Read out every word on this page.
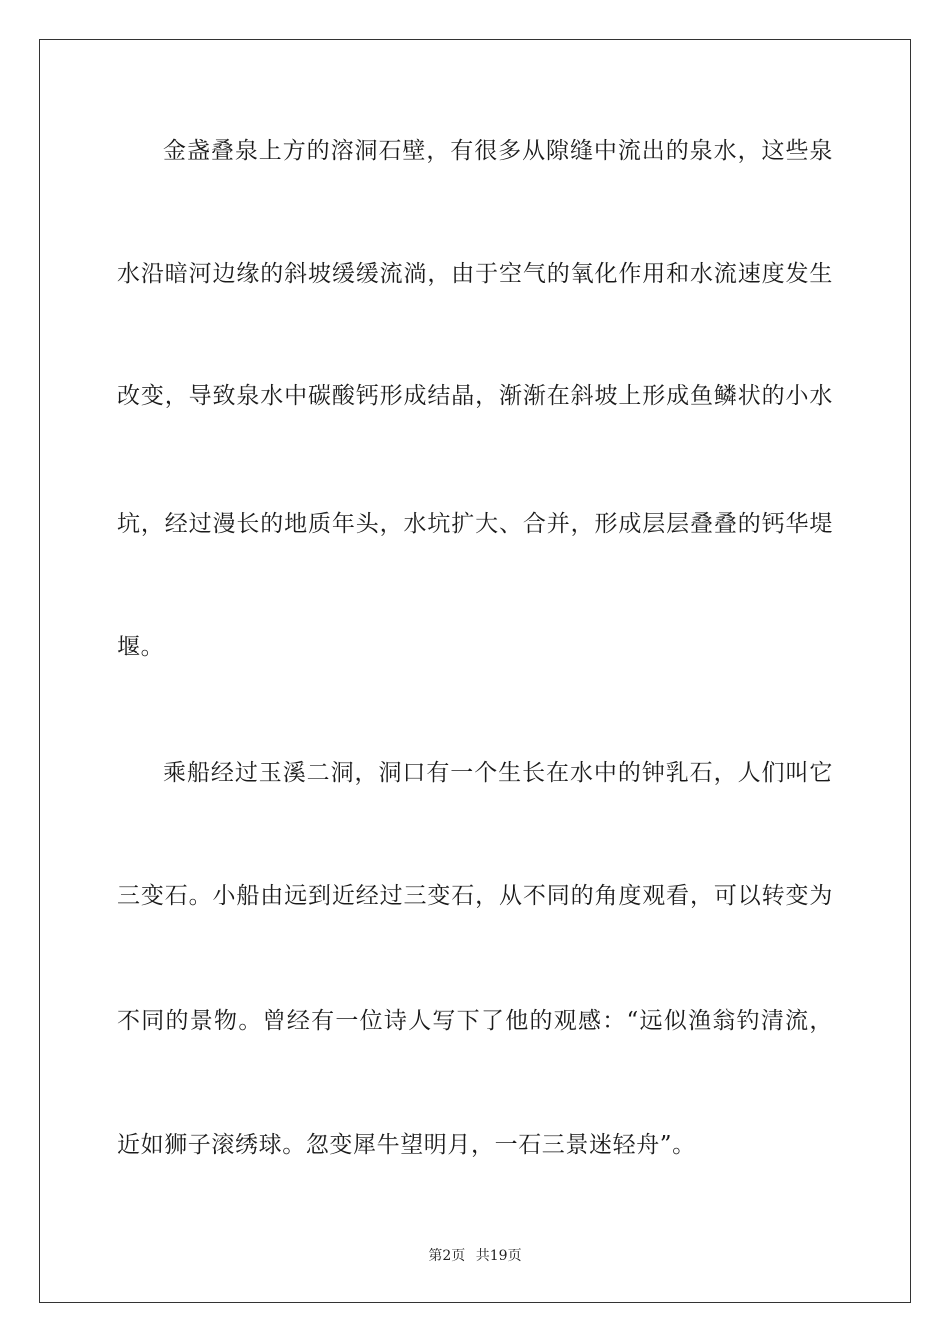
金盏叠泉上方的溶洞石壁，有很多从隙缝中流出的泉水，这些泉
水沿暗河边缘的斜坡缓缓流淌，由于空气的氧化作用和水流速度发生
改变，导致泉水中碳酸钙形成结晶，渐渐在斜坡上形成鱼鳞状的小水
坑，经过漫长的地质年头，水坑扩大、合并，形成层层叠叠的钙华堤
堰。
乘船经过玉溪二洞，洞口有一个生长在水中的钟乳石，人们叫它
三变石。小船由远到近经过三变石，从不同的角度观看，可以转变为
不同的景物。曾经有一位诗人写下了他的观感：“远似渔翁钓清流，
近如狮子滚绣球。忽变犀牛望明月，一石三景迷轻舟”。
第2页 共19页
